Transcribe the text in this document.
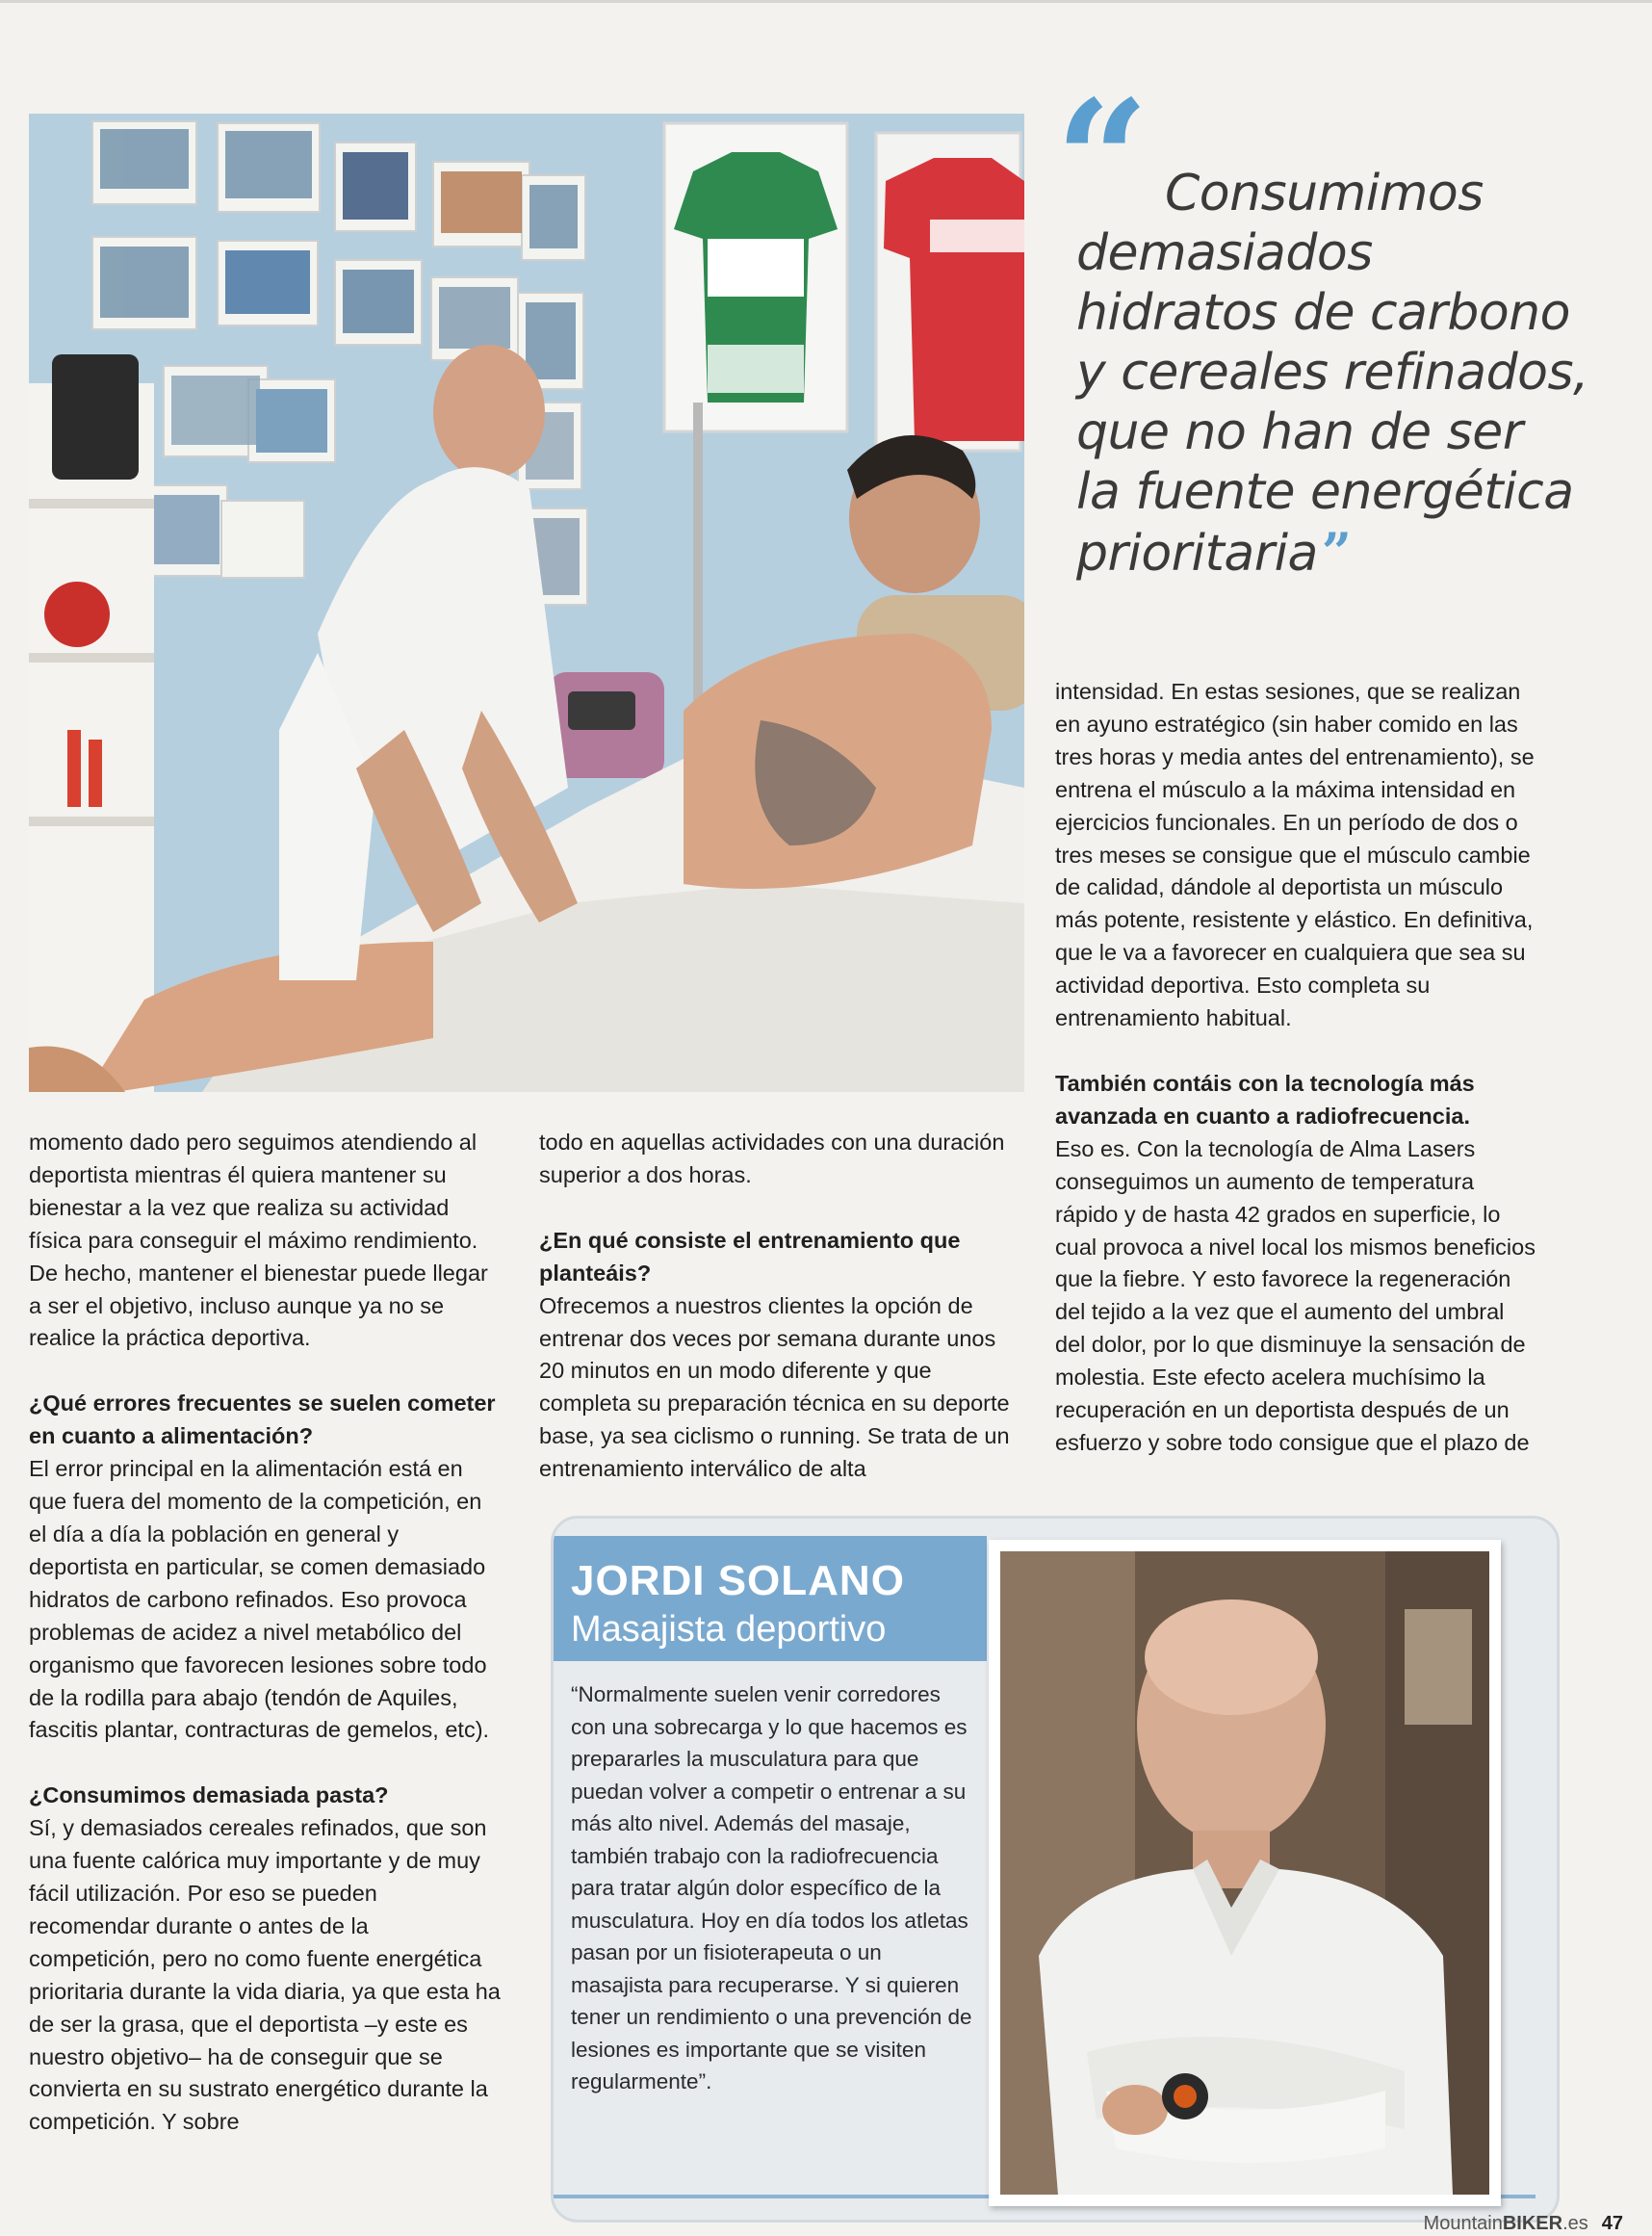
“ Consumimos
demasiados
hidratos de carbono
y cereales refinados,
que no han de ser
la fuente energética
prioritaria”

momento dado pero seguimos atendiendo al deportista mientras él quiera mantener su bienestar a la vez que realiza su actividad física para conseguir el máximo rendimiento. De hecho, mantener el bienestar puede llegar a ser el objetivo, incluso aunque ya no se realice la práctica deportiva.

¿Qué errores frecuentes se suelen cometer en cuanto a alimentación?

El error principal en la alimentación está en que fuera del momento de la competición, en el día a día la población en general y deportista en particular, se comen demasiado hidratos de carbono refinados. Eso provoca problemas de acidez a nivel metabólico del organismo que favorecen lesiones sobre todo de la rodilla para abajo (tendón de Aquiles, fascitis plantar, contracturas de gemelos, etc).

¿Consumimos demasiada pasta?

Sí, y demasiados cereales refinados, que son una fuente calórica muy importante y de muy fácil utilización. Por eso se pueden recomendar durante o antes de la competición, pero no como fuente energética prioritaria durante la vida diaria, ya que esta ha de ser la grasa, que el deportista –y este es nuestro objetivo– ha de conseguir que se convierta en su sustrato energético durante la competición. Y sobre

todo en aquellas actividades con una duración superior a dos horas.

¿En qué consiste el entrenamiento que planteáis?

Ofrecemos a nuestros clientes la opción de entrenar dos veces por semana durante unos 20 minutos en un modo diferente y que completa su preparación técnica en su deporte base, ya sea ciclismo o running. Se trata de un entrenamiento interválico de alta

intensidad. En estas sesiones, que se realizan en ayuno estratégico (sin haber comido en las tres horas y media antes del entrenamiento), se entrena el músculo a la máxima intensidad en ejercicios funcionales. En un período de dos o tres meses se consigue que el músculo cambie de calidad, dándole al deportista un músculo más potente, resistente y elástico. En definitiva, que le va a favorecer en cualquiera que sea su actividad deportiva. Esto completa su entrenamiento habitual.

También contáis con la tecnología más avanzada en cuanto a radiofrecuencia.

Eso es. Con la tecnología de Alma Lasers conseguimos un aumento de temperatura rápido y de hasta 42 grados en superficie, lo cual provoca a nivel local los mismos beneficios que la fiebre. Y esto favorece la regeneración del tejido a la vez que el aumento del umbral del dolor, por lo que disminuye la sensación de molestia. Este efecto acelera muchísimo la recuperación en un deportista después de un esfuerzo y sobre todo consigue que el plazo de

JORDI SOLANO
Masajista deportivo
“Normalmente suelen venir corredores con una sobrecarga y lo que hacemos es prepararles la musculatura para que puedan volver a competir o entrenar a su más alto nivel. Además del masaje, también trabajo con la radiofrecuencia para tratar algún dolor específico de la musculatura. Hoy en día todos los atletas pasan por un fisioterapeuta o un masajista para recuperarse. Y si quieren tener un rendimiento o una prevención de lesiones es importante que se visiten regularmente”.
MountainBIKER.es 47
